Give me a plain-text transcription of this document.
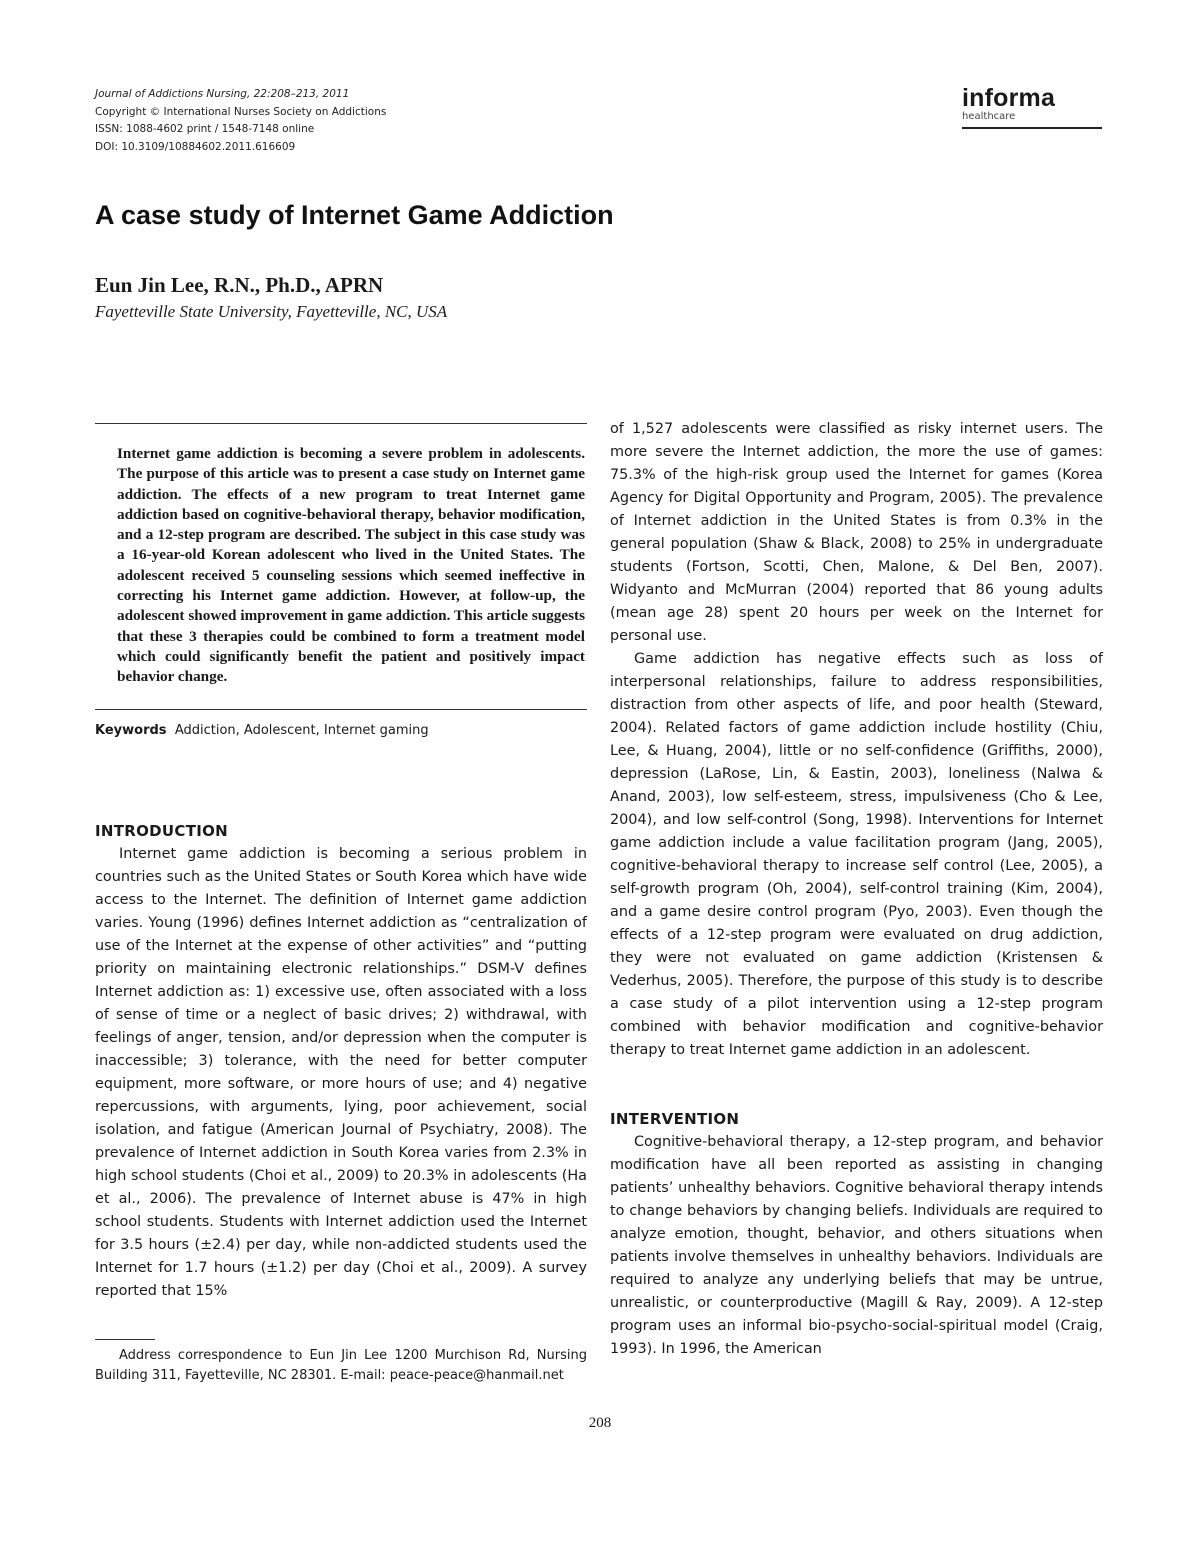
Journal of Addictions Nursing, 22:208–213, 2011
Copyright © International Nurses Society on Addictions
ISSN: 1088-4602 print / 1548-7148 online
DOI: 10.3109/10884602.2011.616609
informa
healthcare
A case study of Internet Game Addiction
Eun Jin Lee, R.N., Ph.D., APRN
Fayetteville State University, Fayetteville, NC, USA
Internet game addiction is becoming a severe problem in adolescents. The purpose of this article was to present a case study on Internet game addiction. The effects of a new program to treat Internet game addiction based on cognitive-behavioral therapy, behavior modification, and a 12-step program are described. The subject in this case study was a 16-year-old Korean adolescent who lived in the United States. The adolescent received 5 counseling sessions which seemed ineffective in correcting his Internet game addiction. However, at follow-up, the adolescent showed improvement in game addiction. This article suggests that these 3 therapies could be combined to form a treatment model which could significantly benefit the patient and positively impact behavior change.
Keywords Addiction, Adolescent, Internet gaming
INTRODUCTION

Internet game addiction is becoming a serious problem in countries such as the United States or South Korea which have wide access to the Internet. The definition of Internet game addiction varies. Young (1996) defines Internet addiction as “centralization of use of the Internet at the expense of other activities” and “putting priority on maintaining electronic relationships.” DSM-V defines Internet addiction as: 1) excessive use, often associated with a loss of sense of time or a neglect of basic drives; 2) withdrawal, with feelings of anger, tension, and/or depression when the computer is inaccessible; 3) tolerance, with the need for better computer equipment, more software, or more hours of use; and 4) negative repercussions, with arguments, lying, poor achievement, social isolation, and fatigue (American Journal of Psychiatry, 2008). The prevalence of Internet addiction in South Korea varies from 2.3% in high school students (Choi et al., 2009) to 20.3% in adolescents (Ha et al., 2006). The prevalence of Internet abuse is 47% in high school students. Students with Internet addiction used the Internet for 3.5 hours (±2.4) per day, while non-addicted students used the Internet for 1.7 hours (±1.2) per day (Choi et al., 2009). A survey reported that 15%

Address correspondence to Eun Jin Lee 1200 Murchison Rd, Nursing Building 311, Fayetteville, NC 28301. E-mail: peace-peace@hanmail.net

of 1,527 adolescents were classified as risky internet users. The more severe the Internet addiction, the more the use of games: 75.3% of the high-risk group used the Internet for games (Korea Agency for Digital Opportunity and Program, 2005). The prevalence of Internet addiction in the United States is from 0.3% in the general population (Shaw & Black, 2008) to 25% in undergraduate students (Fortson, Scotti, Chen, Malone, & Del Ben, 2007). Widyanto and McMurran (2004) reported that 86 young adults (mean age 28) spent 20 hours per week on the Internet for personal use.

Game addiction has negative effects such as loss of interpersonal relationships, failure to address responsibilities, distraction from other aspects of life, and poor health (Steward, 2004). Related factors of game addiction include hostility (Chiu, Lee, & Huang, 2004), little or no self-confidence (Griffiths, 2000), depression (LaRose, Lin, & Eastin, 2003), loneliness (Nalwa & Anand, 2003), low self-esteem, stress, impulsiveness (Cho & Lee, 2004), and low self-control (Song, 1998). Interventions for Internet game addiction include a value facilitation program (Jang, 2005), cognitive-behavioral therapy to increase self control (Lee, 2005), a self-growth program (Oh, 2004), self-control training (Kim, 2004), and a game desire control program (Pyo, 2003). Even though the effects of a 12-step program were evaluated on drug addiction, they were not evaluated on game addiction (Kristensen & Vederhus, 2005). Therefore, the purpose of this study is to describe a case study of a pilot intervention using a 12-step program combined with behavior modification and cognitive-behavior therapy to treat Internet game addiction in an adolescent.

INTERVENTION

Cognitive-behavioral therapy, a 12-step program, and behavior modification have all been reported as assisting in changing patients’ unhealthy behaviors. Cognitive behavioral therapy intends to change behaviors by changing beliefs. Individuals are required to analyze emotion, thought, behavior, and others situations when patients involve themselves in unhealthy behaviors. Individuals are required to analyze any underlying beliefs that may be untrue, unrealistic, or counterproductive (Magill & Ray, 2009). A 12-step program uses an informal bio-psycho-social-spiritual model (Craig, 1993). In 1996, the American

208
